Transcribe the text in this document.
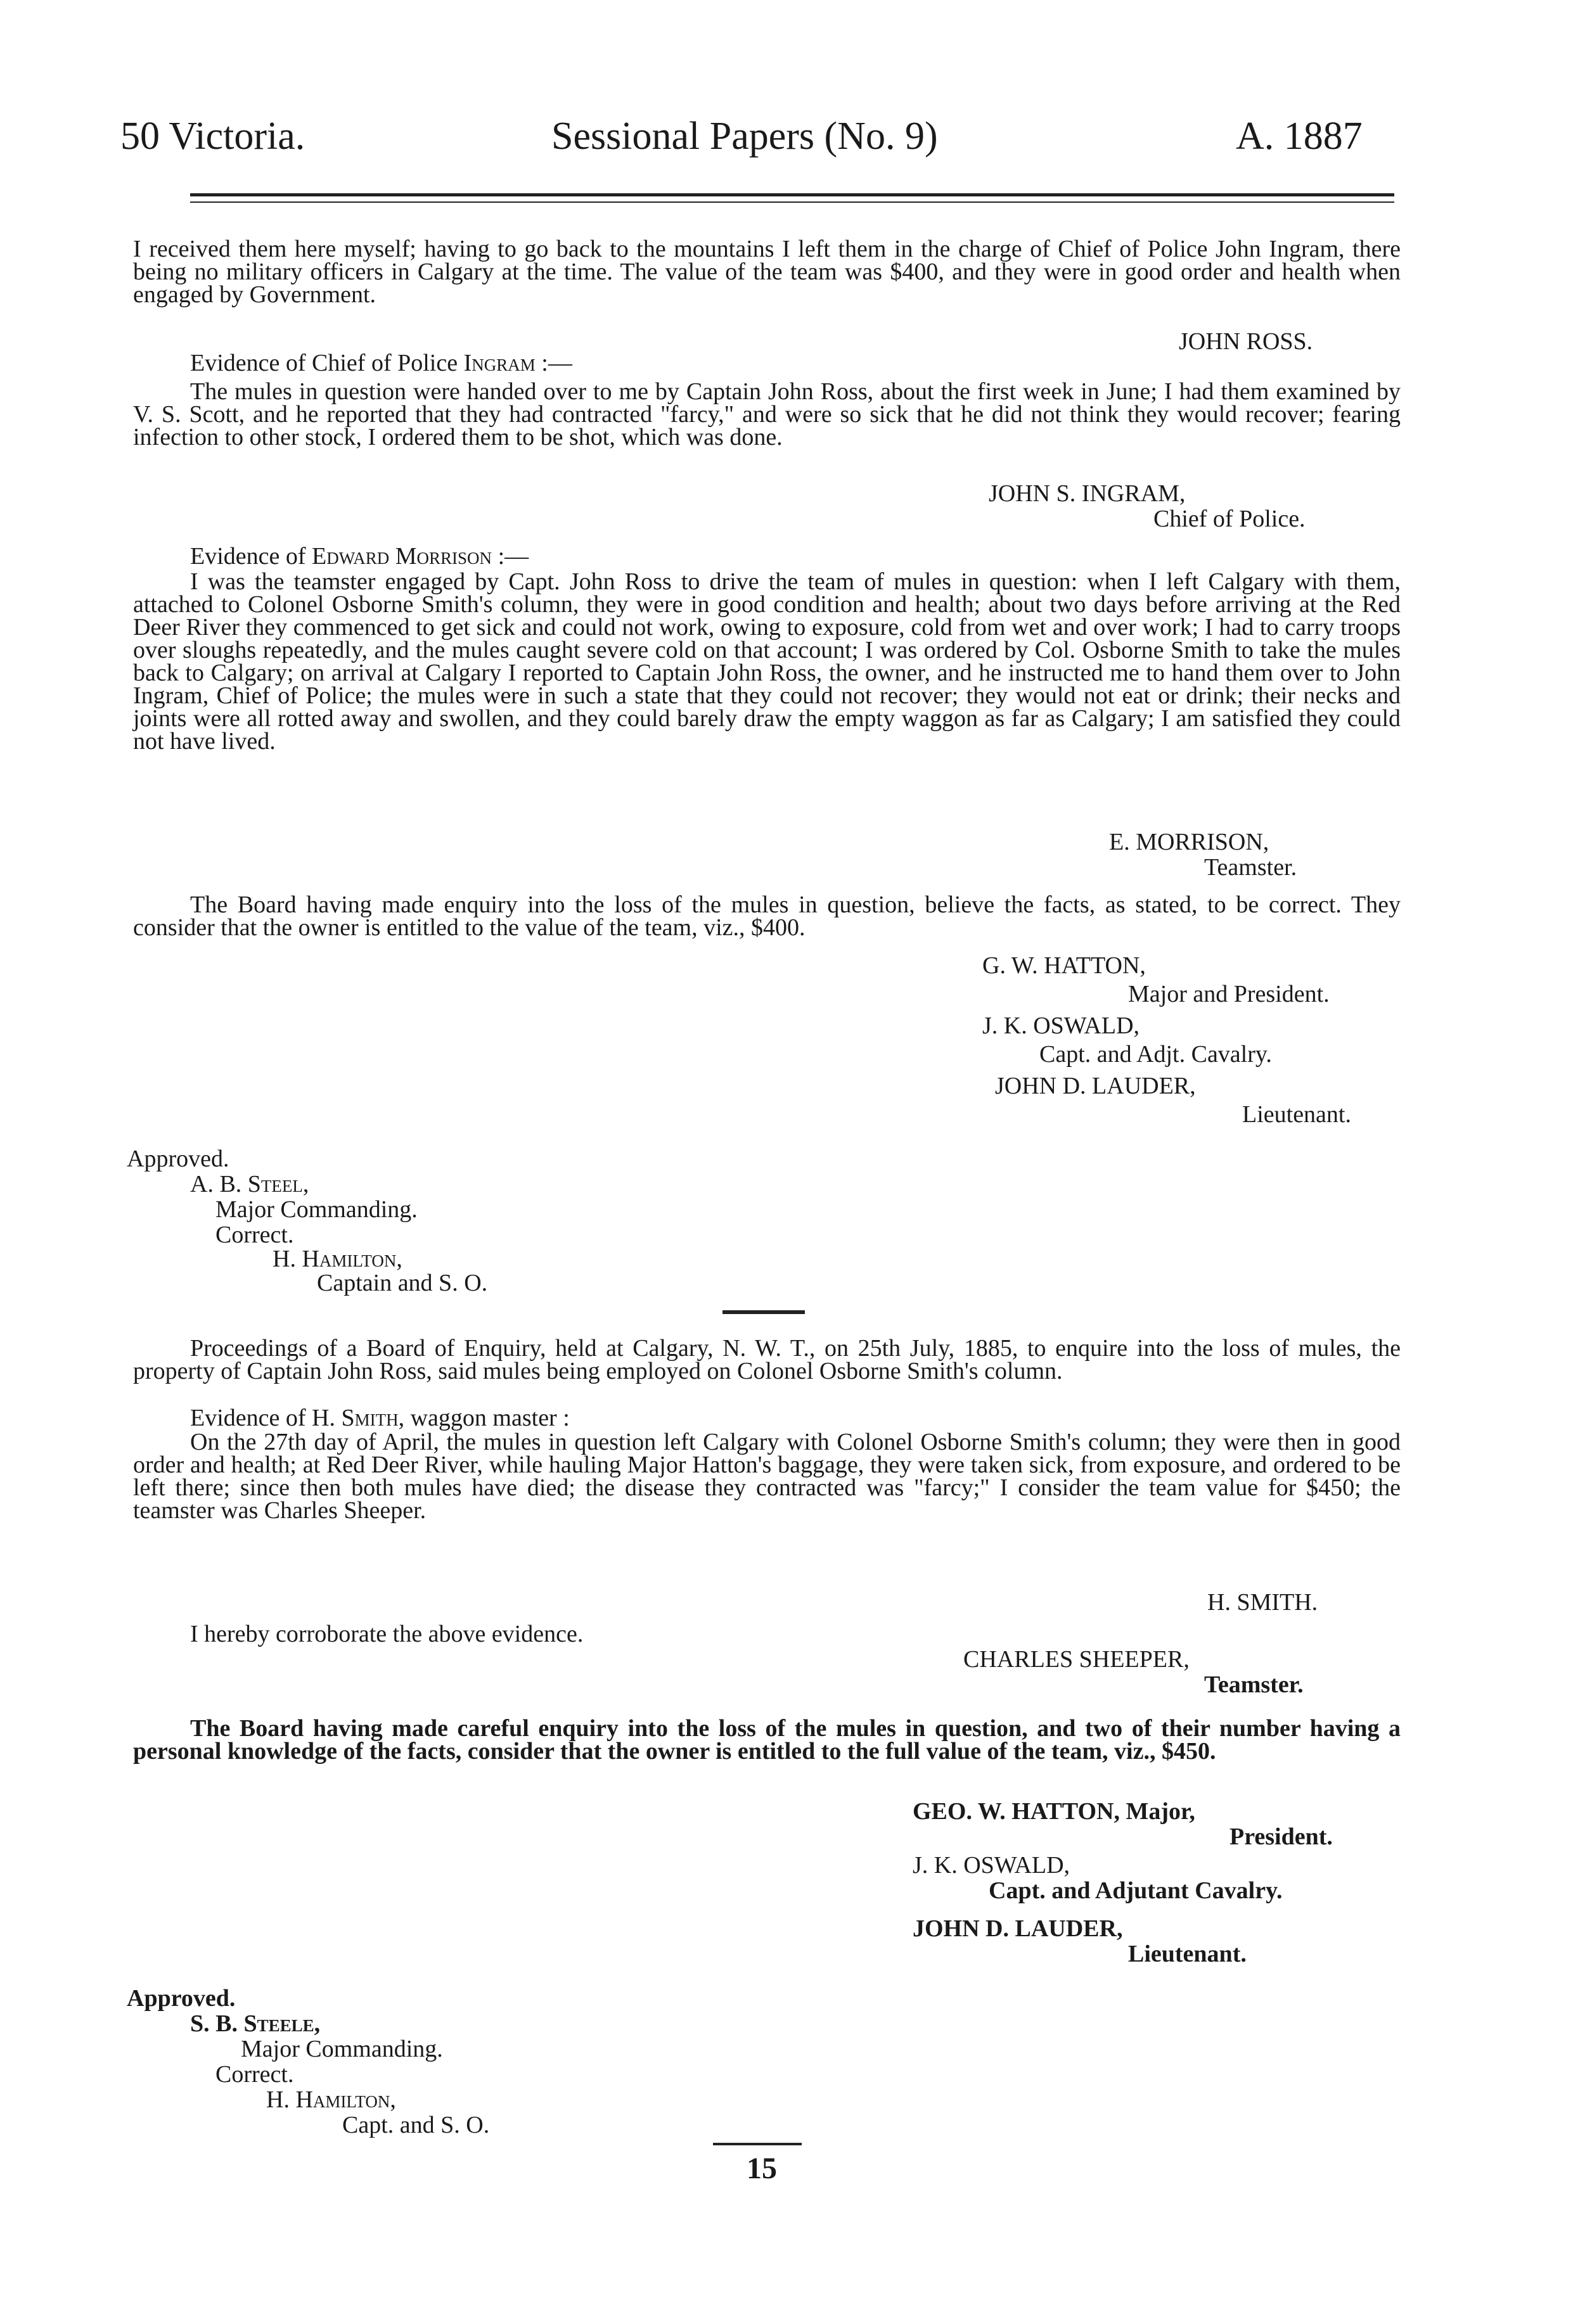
50 Victoria.	Sessional Papers (No. 9)	A. 1887
I received them here myself; having to go back to the mountains I left them in the charge of Chief of Police John Ingram, there being no military officers in Calgary at the time. The value of the team was $400, and they were in good order and health when engaged by Government.
JOHN ROSS.
Evidence of Chief of Police Ingram :—
The mules in question were handed over to me by Captain John Ross, about the first week in June; I had them examined by V. S. Scott, and he reported that they had contracted "farcy," and were so sick that he did not think they would recover; fearing infection to other stock, I ordered them to be shot, which was done.
JOHN S. INGRAM,
Chief of Police.
Evidence of Edward Morrison :—
I was the teamster engaged by Capt. John Ross to drive the team of mules in question: when I left Calgary with them, attached to Colonel Osborne Smith's column, they were in good condition and health; about two days before arriving at the Red Deer River they commenced to get sick and could not work, owing to exposure, cold from wet and over work; I had to carry troops over sloughs repeatedly, and the mules caught severe cold on that account; I was ordered by Col. Osborne Smith to take the mules back to Calgary; on arrival at Calgary I reported to Captain John Ross, the owner, and he instructed me to hand them over to John Ingram, Chief of Police; the mules were in such a state that they could not recover; they would not eat or drink; their necks and joints were all rotted away and swollen, and they could barely draw the empty waggon as far as Calgary; I am satisfied they could not have lived.
E. MORRISON,
Teamster.
The Board having made enquiry into the loss of the mules in question, believe the facts, as stated, to be correct. They consider that the owner is entitled to the value of the team, viz., $400.
G. W. HATTON,
Major and President.
J. K. OSWALD,
Capt. and Adjt. Cavalry.
JOHN D. LAUDER,
Lieutenant.
Approved.
A. B. Steel,
Major Commanding.
Correct.
H. Hamilton,
Captain and S. O.
Proceedings of a Board of Enquiry, held at Calgary, N. W. T., on 25th July, 1885, to enquire into the loss of mules, the property of Captain John Ross, said mules being employed on Colonel Osborne Smith's column.
Evidence of H. Smith, waggon master :
On the 27th day of April, the mules in question left Calgary with Colonel Osborne Smith's column; they were then in good order and health; at Red Deer River, while hauling Major Hatton's baggage, they were taken sick, from exposure, and ordered to be left there; since then both mules have died; the disease they contracted was "farcy;" I consider the team value for $450; the teamster was Charles Sheeper.
H. SMITH.
I hereby corroborate the above evidence.
CHARLES SHEEPER,
Teamster.
The Board having made careful enquiry into the loss of the mules in question, and two of their number having a personal knowledge of the facts, consider that the owner is entitled to the full value of the team, viz., $450.
GEO. W. HATTON, Major,
President.
J. K. OSWALD,
Capt. and Adjutant Cavalry.
JOHN D. LAUDER,
Lieutenant.
Approved.
S. B. Steele,
Major Commanding.
Correct.
H. Hamilton,
Capt. and S. O.
15
